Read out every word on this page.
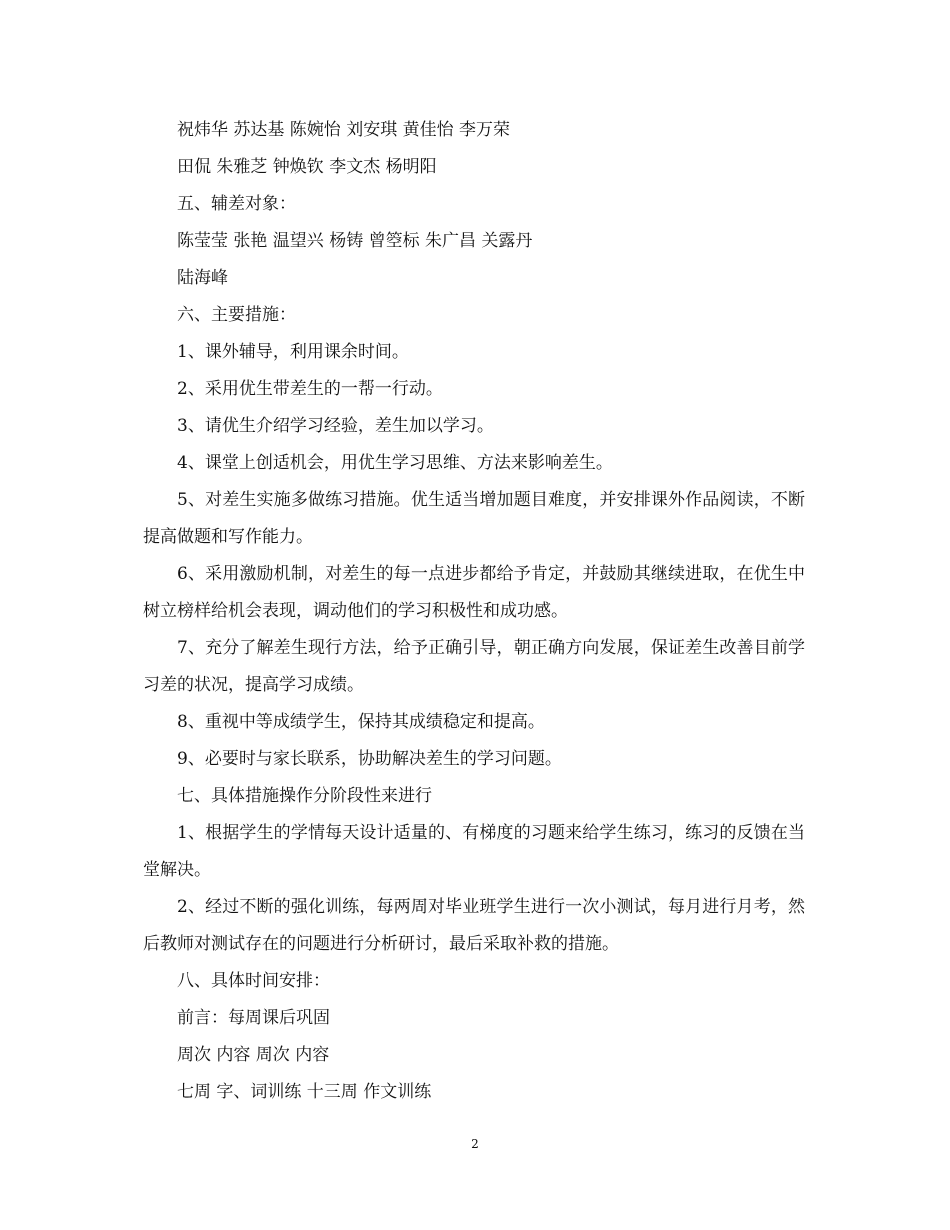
祝炜华 苏达基 陈婉怡 刘安琪 黄佳怡 李万荣

田侃 朱雅芝 钟焕钦 李文杰 杨明阳

五、辅差对象：

陈莹莹 张艳 温望兴 杨铸 曾箜标 朱广昌 关露丹

陆海峰

六、主要措施：

1、课外辅导，利用课余时间。

2、采用优生带差生的一帮一行动。

3、请优生介绍学习经验，差生加以学习。

4、课堂上创适机会，用优生学习思维、方法来影响差生。

5、对差生实施多做练习措施。优生适当增加题目难度，并安排课外作品阅读，不断提高做题和写作能力。

6、采用激励机制，对差生的每一点进步都给予肯定，并鼓励其继续进取，在优生中树立榜样给机会表现，调动他们的学习积极性和成功感。

7、充分了解差生现行方法，给予正确引导，朝正确方向发展，保证差生改善目前学习差的状况，提高学习成绩。

8、重视中等成绩学生，保持其成绩稳定和提高。

9、必要时与家长联系，协助解决差生的学习问题。

七、具体措施操作分阶段性来进行

1、根据学生的学情每天设计适量的、有梯度的习题来给学生练习，练习的反馈在当堂解决。

2、经过不断的强化训练，每两周对毕业班学生进行一次小测试，每月进行月考，然后教师对测试存在的问题进行分析研讨，最后采取补救的措施。

八、具体时间安排：

前言：每周课后巩固

周次 内容 周次 内容

七周 字、词训练 十三周 作文训练

2
